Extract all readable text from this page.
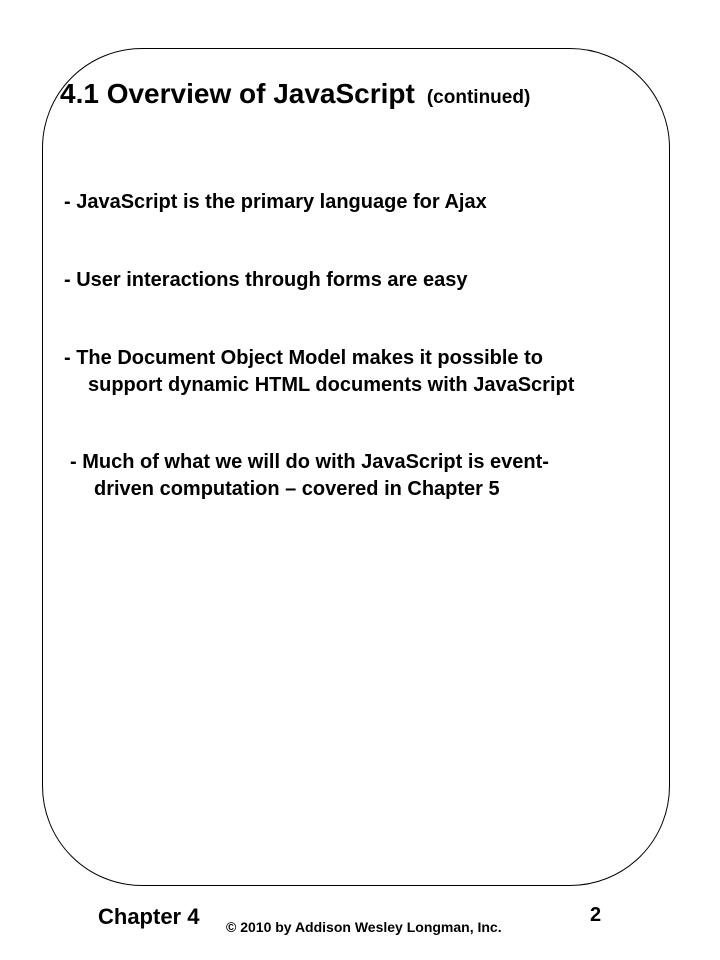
4.1 Overview of JavaScript (continued)
- JavaScript is the primary language for Ajax
- User interactions through forms are easy
- The Document Object Model makes it possible to
support dynamic HTML documents with JavaScript
- Much of what we will do with JavaScript is event-
driven computation – covered in Chapter 5
Chapter 4 © 2010 by Addison Wesley Longman, Inc.
2
